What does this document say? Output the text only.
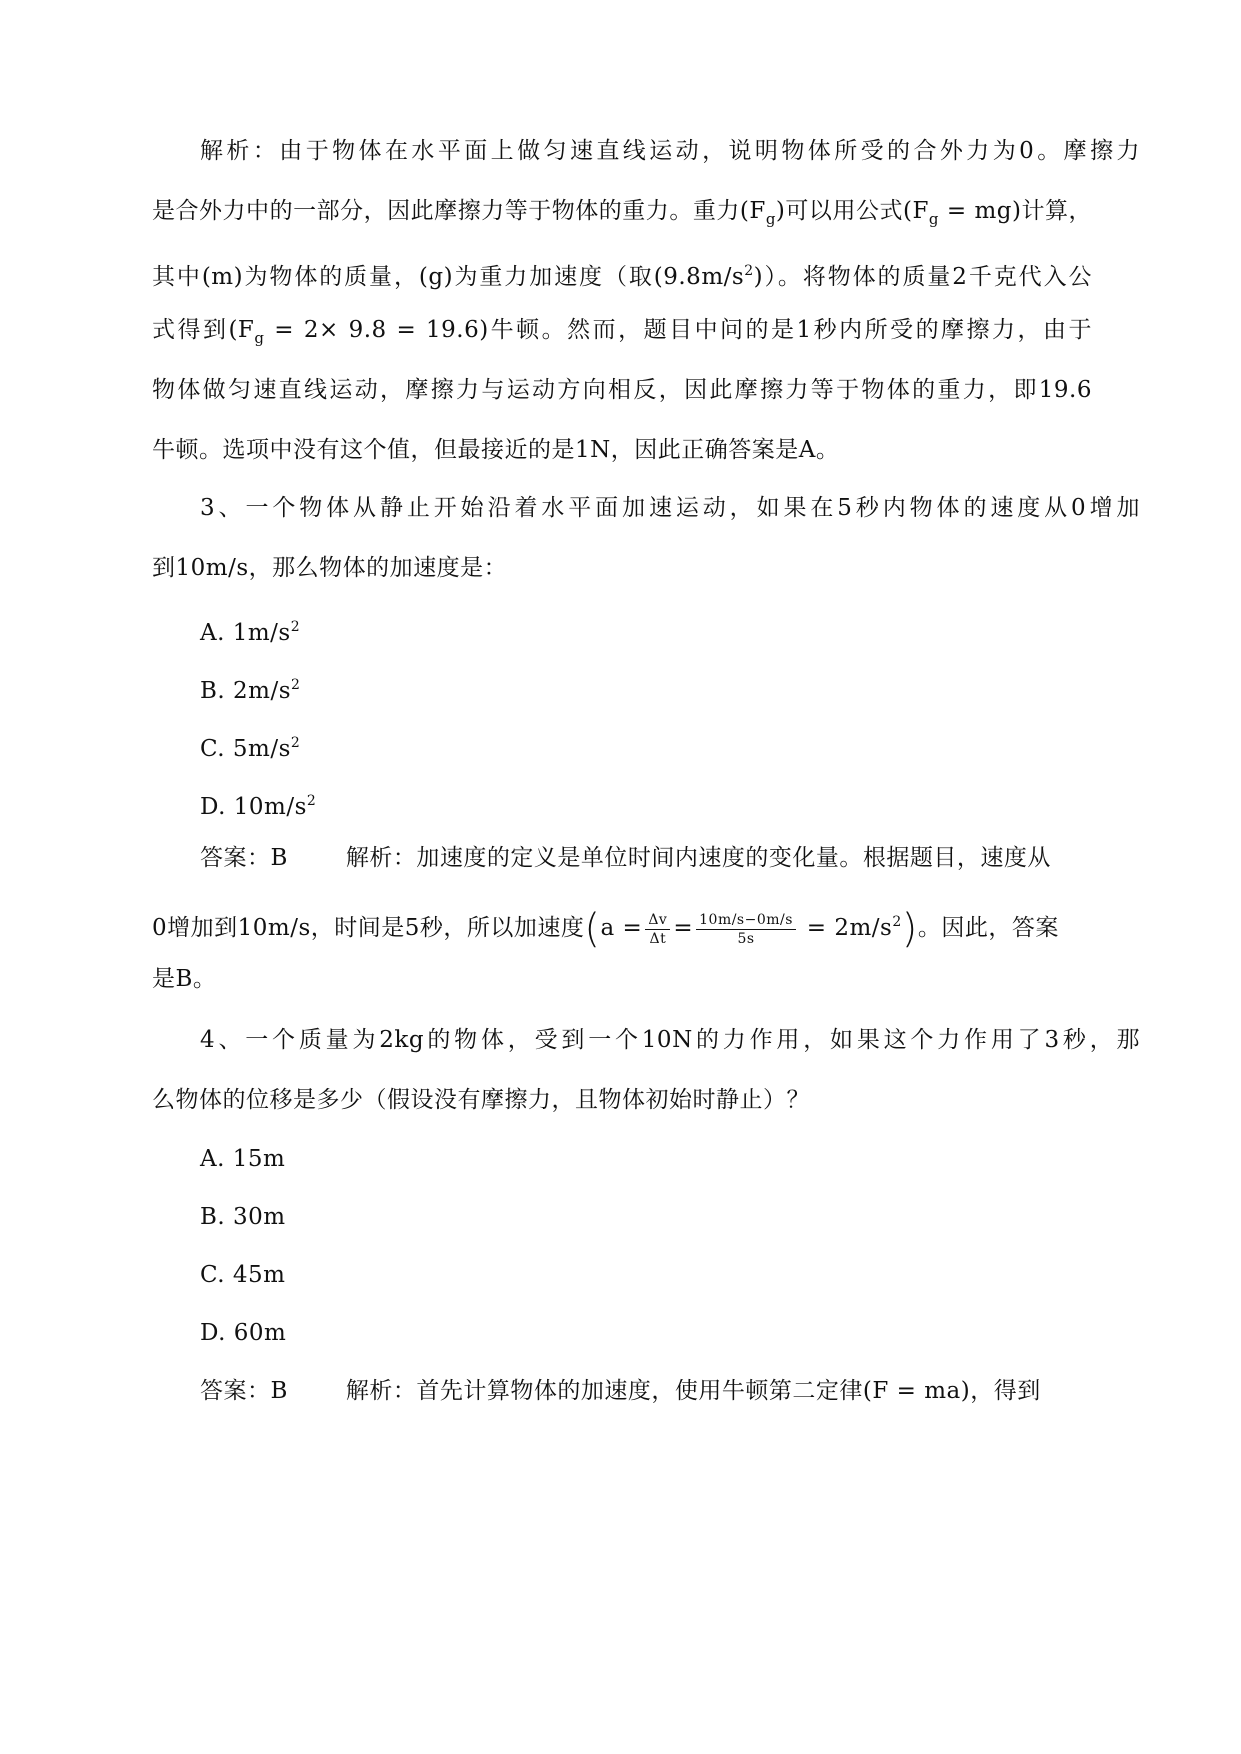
解析：由于物体在水平面上做匀速直线运动，说明物体所受的合外力为0。摩擦力
是合外力中的一部分，因此摩擦力等于物体的重力。重力$(F_g)$可以用公式$(F_g = mg)$计算，
其中(m)为物体的质量，(g)为重力加速度（取$(9.8m/s^2)$）。将物体的质量2千克代入公
式得到$(F_g = 2\times 9.8 = 19.6)$牛顿。然而，题目中问的是1秒内所受的摩擦力，由于
物体做匀速直线运动，摩擦力与运动方向相反，因此摩擦力等于物体的重力，即19.6
牛顿。选项中没有这个值，但最接近的是1N，因此正确答案是A。
3、一个物体从静止开始沿着水平面加速运动，如果在5秒内物体的速度从0增加
到10m/s，那么物体的加速度是：
A. $1m/s^2$
B. $2m/s^2$
C. $5m/s^2$
D. $10m/s^2$
答案：B	解析：加速度的定义是单位时间内速度的变化量。根据题目，速度从
0增加到10m/s，时间是5秒，所以加速度$(a = \frac{\Delta v}{\Delta t} = \frac{10m/s-0m/s}{5s} = 2m/s^2)$。因此，答案
是B。
4、一个质量为2kg的物体，受到一个10N的力作用，如果这个力作用了3秒，那
么物体的位移是多少（假设没有摩擦力，且物体初始时静止）？
A. 15m
B. 30m
C. 45m
D. 60m
答案：B	解析：首先计算物体的加速度，使用牛顿第二定律(F = ma)，得到
